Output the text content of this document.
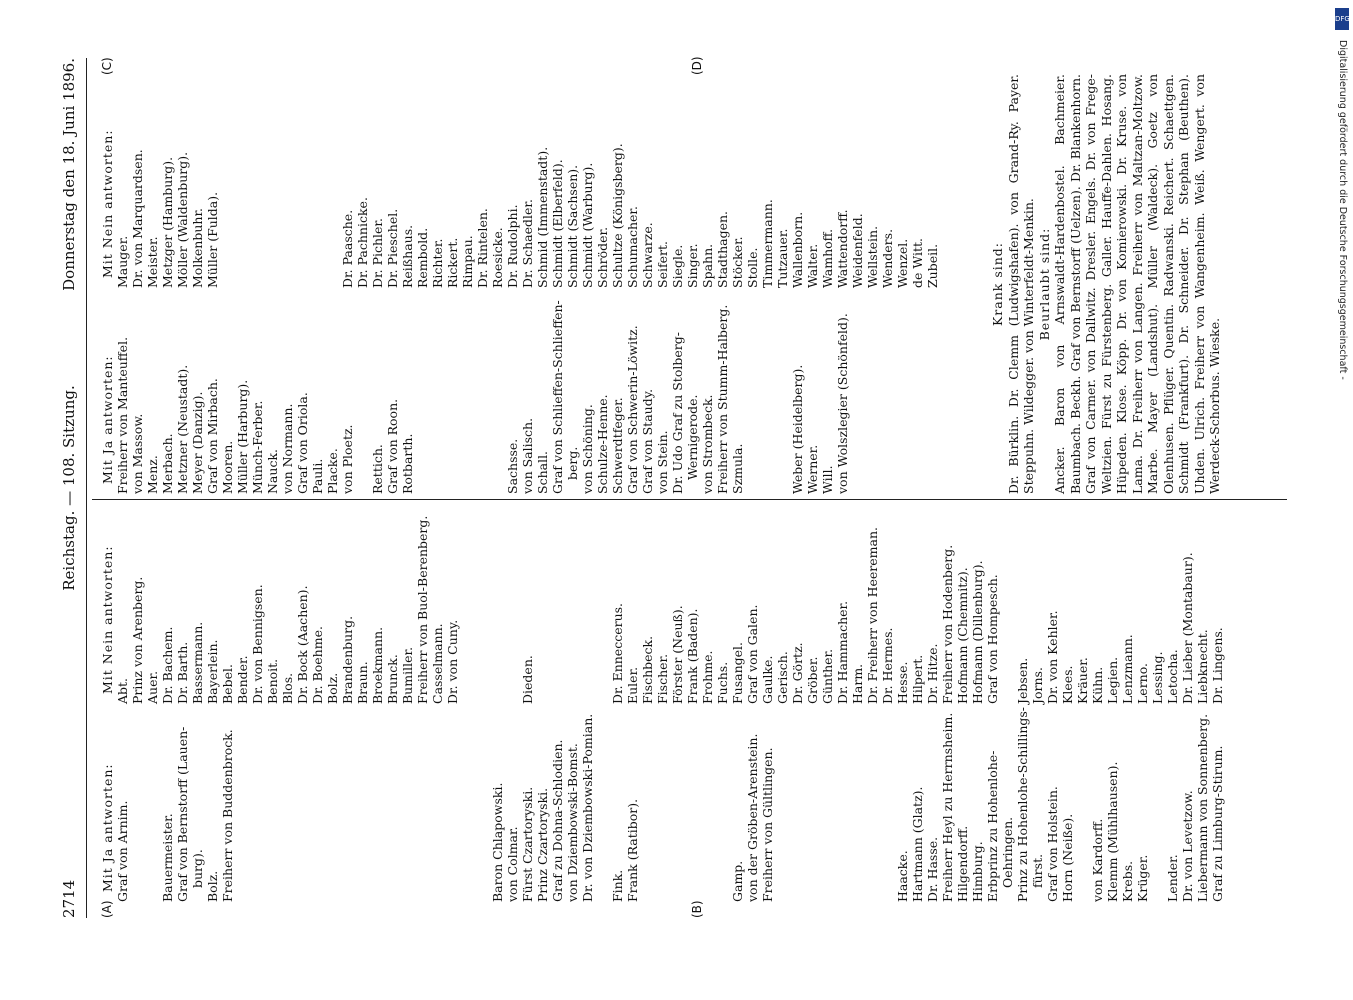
2714
Reichstag. — 108. Sitzung.
Donnerstag den 18. Juni 1896.
(A)	(B)
(C)	(D)
Mit Ja antworten: Graf von Arnim. Bauermeister. Graf von Bernstorff (Lauen- burg). Bolz. Freiherr von Buddenbrock.	Baron Chlapowski. von Colmar. Fürst Czartoryski. Prinz Czartoryski. Graf zu Dohna-Schlodien. von Dziembowski-Bomst. Dr. von Dziembowski-Pomian. Fink. Frank (Ratibor).	Gamp. von der Gröben-Arenstein. Freiherr von Gültlingen.	Haacke. Hartmann (Glatz). Dr. Hasse. Freiherr Heyl zu Herrnsheim. Hilgendorff. Himburg. Erbprinz zu Hohenlohe- Oehringen. Prinz zu Hohenlohe-Schillings- fürst. Graf von Holstein. Horn (Neiße). von Kardorff. Klemm (Mühlhausen). Krebs. Krüger. Lender. Dr. von Levetzow. Liebermann von Sonnenberg. Graf zu Limburg-Stirum.
Mit Nein antworten: Abt. Prinz von Arenberg. Auer. Dr. Bachem. Dr. Barth. Bassermann. Bayerlein. Bebel. Bender. Dr. von Bennigsen. Benoit. Blos. Dr. Bock (Aachen). Dr. Boehme. Bolz. Brandenburg. Braun. Broekmann. Brunck. Bumiller. Freiherr von Buol-Berenberg. Casselmann. Dr. von Cuny.	Dieden.	Dr. Enneccerus. Euler. Fischbeck. Fischer. Förster (Neuß). Frank (Baden). Frohme. Fuchs. Fusangel. Graf von Galen. Gaulke. Gerisch. Dr. Görtz. Gröber. Günther. Dr. Hammacher. Harm. Dr. Freiherr von Heereman. Dr. Hermes. Hesse. Hilpert. Dr. Hitze. Freiherr von Hodenberg. Hofmann (Chemnitz). Hofmann (Dillenburg). Graf von Hompesch. Jebsen. Jorns. Dr. von Kehler. Klees. Kräuer. Kühn. Legien. Lenzmann. Lerno. Lessing. Letocha. Dr. Lieber (Montabaur). Liebknecht. Dr. Lingens.
Mit Ja antworten: Freiherr von Manteuffel. von Massow. Menz. Merbach. Metzner (Neustadt). Meyer (Danzig). Graf von Mirbach. Mooren. Müller (Harburg). Münch-Ferber. Nauck. von Normann. Graf von Oriola. Pauli. Placke. von Ploetz. Rettich. Graf von Roon. Rotbarth.	Sachsse. von Salisch. Schall. Graf von Schlieffen-Schlieffen- berg. von Schöning. Schulze-Henne. Schwerdtfeger. Graf von Schwerin-Löwitz. Graf von Staudy. von Stein. Dr. Udo Graf zu Stolberg- Wernigerode. von Strombeck. Freiherr von Stumm-Halberg. Szmula.	Weber (Heidelberg). Werner. Will. von Wolszlegier (Schönfeld).
Mit Nein antworten: Mauger. Dr. von Marquardsen. Meister. Metzger (Hamburg). Möller (Waldenburg). Molkenbuhr. Müller (Fulda).	Dr. Paasche. Dr. Pachnicke. Dr. Pichler. Dr. Pieschel. Reißhaus. Rembold. Richter. Rickert. Rimpau. Dr. Rintelen. Roesicke. Dr. Rudolphi. Dr. Schaedler. Schmid (Immenstadt). Schmidt (Elberfeld). Schmidt (Sachsen). Schmidt (Warburg). Schröder. Schultze (Königsberg). Schumacher. Schwarze. Seifert. Siegle. Singer. Spahn. Stadthagen. Stöcker. Stolle. Timmermann. Tutzauer. Wallenborn. Walter. Wamhoff. Wattendorff. Weidenfeld. Wellstein. Wenders. Wenzel. de Witt. Zubeil.	Krank sind: Dr. Bürklin. Dr. Clemm (Ludwigshafen). von Grand-Ry. Payer. Steppuhn. Wildegger. von Winterfeldt-Menkin. Beurlaubt sind: Ancker. Baron von Arnswaldt-Hardenbostel. Bachmeier. Baumbach. Beckh. Graf von Bernstorff (Uelzen). Dr. Blankenhorn. Graf von Carmer. von Dallwitz. Dresler. Engels. Dr. von Frege-Weltzien. Fürst zu Fürstenberg. Galler. Hauffe-Dahlen. Hosang. Hüpeden. Klose. Köpp. Dr. von Komierowski. Dr. Kruse. von Lama. Dr. Freiherr von Langen. Freiherr von Maltzan-Moltzow. Marbe. Mayer (Landshut). Müller (Waldeck). Goetz von Olenhusen. Pflüger. Quentin. Radwanski. Reichert. Schaettgen. Schmidt (Frankfurt). Dr. Schneider. Dr. Stephan (Beuthen). Uhden. Ulrich. Freiherr von Wangenheim. Weiß. Wengert. von Werdeck-Schorbus. Wieske.
DFG
Digitalisierung gefördert durch die Deutsche Forschungsgemeinschaft -
